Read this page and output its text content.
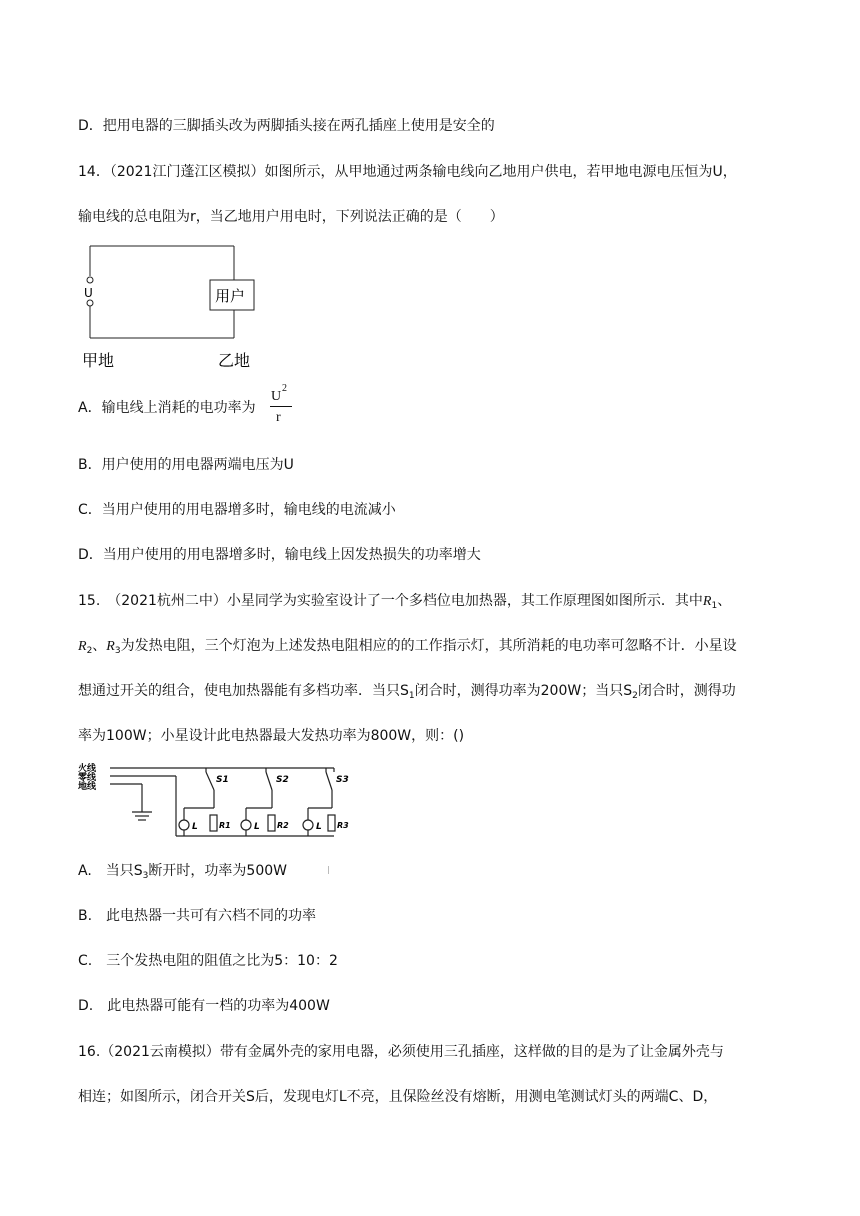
D．把用电器的三脚插头改为两脚插头接在两孔插座上使用是安全的
14．（2021江门蓬江区模拟）如图所示，从甲地通过两条输电线向乙地用户供电，若甲地电源电压恒为U，
输电线的总电阻为r，当乙地用户用电时，下列说法正确的是（　　）
U	用户
甲地	乙地
A．输电线上消耗的电功率为
U
2
r
B．用户使用的用电器两端电压为U
C．当用户使用的用电器增多时，输电线的电流减小
D．当用户使用的用电器增多时，输电线上因发热损失的功率增大
15.　（2021杭州二中）小星同学为实验室设计了一个多档位电加热器，其工作原理图如图所示．其中$R_1$、
$R_2$、$R_3$为发热电阻，三个灯泡为上述发热电阻相应的的工作指示灯，其所消耗的电功率可忽略不计．小星设
想通过开关的组合，使电加热器能有多档功率．当只$S_1$闭合时，测得功率为200W；当只$S_2$闭合时，测得功
率为100W；小星设计此电热器最大发热功率为800W，则：()
火线
零线
地线
S1	S2	S3
L	L	L
R1	R2	R3
A.　当只$S_3$断开时，功率为500W
B.　此电热器一共可有六档不同的功率
C.　三个发热电阻的阻值之比为5：10：2
D.　此电热器可能有一档的功率为400W
16.（2021云南模拟）带有金属外壳的家用电器，必须使用三孔插座，这样做的目的是为了让金属外壳与
相连；如图所示，闭合开关S后，发现电灯L不亮，且保险丝没有熔断，用测电笔测试灯头的两端C、D，
